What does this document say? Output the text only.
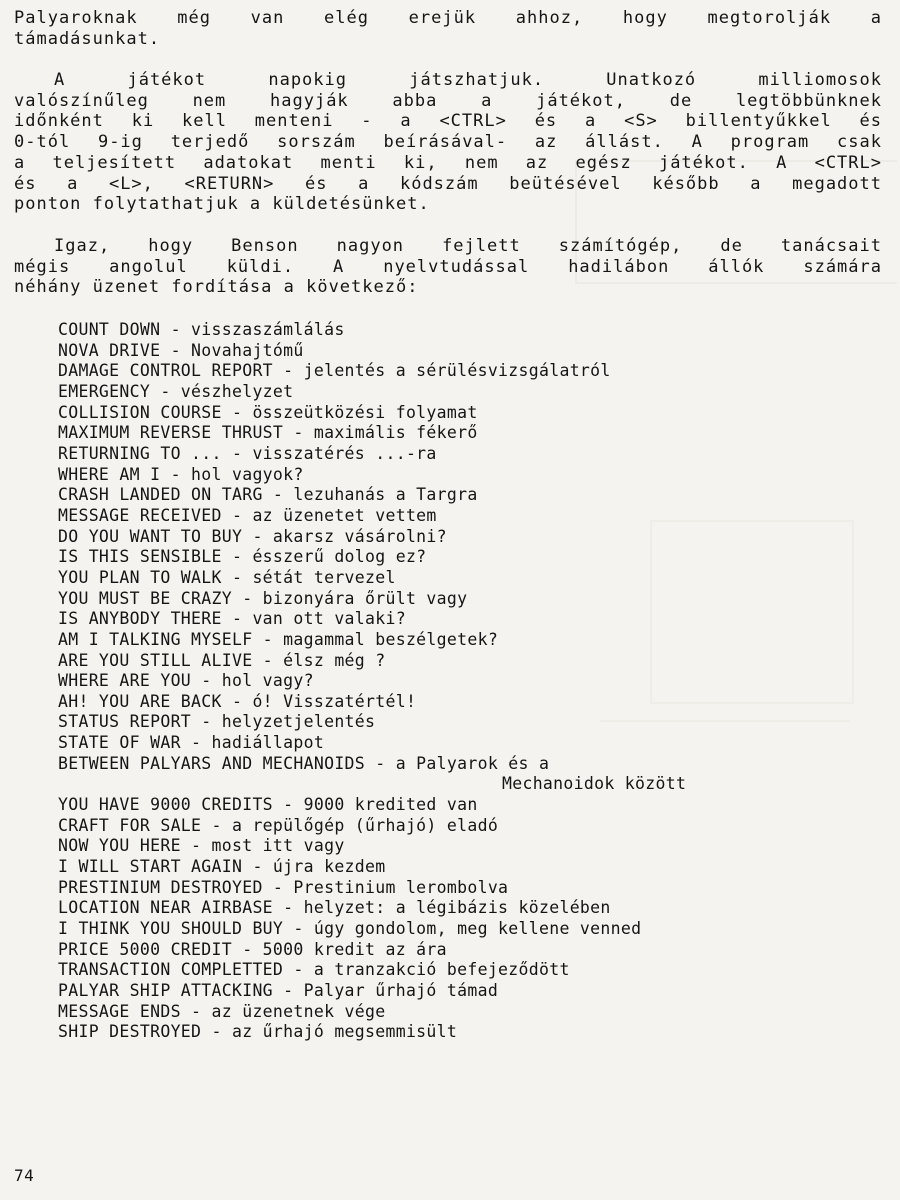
Palyaroknak még van elég erejük ahhoz, hogy megtorolják a
támadásunkat.
A játékot napokig játszhatjuk. Unatkozó milliomosok
valószínűleg nem hagyják abba a játékot, de legtöbbünknek
időnként ki kell menteni - a <CTRL> és a <S> billentyűkkel és
0-tól 9-ig terjedő sorszám beírásával- az állást. A program csak
a teljesített adatokat menti ki, nem az egész játékot. A <CTRL>
és a <L>, <RETURN> és a kódszám beütésével később a megadott
ponton folytathatjuk a küldetésünket.
Igaz, hogy Benson nagyon fejlett számítógép, de tanácsait
mégis angolul küldi. A nyelvtudással hadilábon állók számára
néhány üzenet fordítása a következő:
COUNT DOWN - visszaszámlálás
NOVA DRIVE - Novahajtómű
DAMAGE CONTROL REPORT - jelentés a sérülésvizsgálatról
EMERGENCY - vészhelyzet
COLLISION COURSE - összeütközési folyamat
MAXIMUM REVERSE THRUST - maximális fékerő
RETURNING TO ... - visszatérés ...-ra
WHERE AM I - hol vagyok?
CRASH LANDED ON TARG - lezuhanás a Targra
MESSAGE RECEIVED - az üzenetet vettem
DO YOU WANT TO BUY - akarsz vásárolni?
IS THIS SENSIBLE - ésszerű dolog ez?
YOU PLAN TO WALK - sétát tervezel
YOU MUST BE CRAZY - bizonyára őrült vagy
IS ANYBODY THERE - van ott valaki?
AM I TALKING MYSELF - magammal beszélgetek?
ARE YOU STILL ALIVE - élsz még ?
WHERE ARE YOU - hol vagy?
AH! YOU ARE BACK - ó! Visszatértél!
STATUS REPORT - helyzetjelentés
STATE OF WAR - hadiállapot
BETWEEN PALYARS AND MECHANOIDS - a Palyarok és a
Mechanoidok között
YOU HAVE 9000 CREDITS - 9000 kredited van
CRAFT FOR SALE - a repülőgép (űrhajó) eladó
NOW YOU HERE - most itt vagy
I WILL START AGAIN - újra kezdem
PRESTINIUM DESTROYED - Prestinium lerombolva
LOCATION NEAR AIRBASE - helyzet: a légibázis közelében
I THINK YOU SHOULD BUY - úgy gondolom, meg kellene venned
PRICE 5000 CREDIT - 5000 kredit az ára
TRANSACTION COMPLETTED - a tranzakció befejeződött
PALYAR SHIP ATTACKING - Palyar űrhajó támad
MESSAGE ENDS - az üzenetnek vége
SHIP DESTROYED - az űrhajó megsemmisült
74
